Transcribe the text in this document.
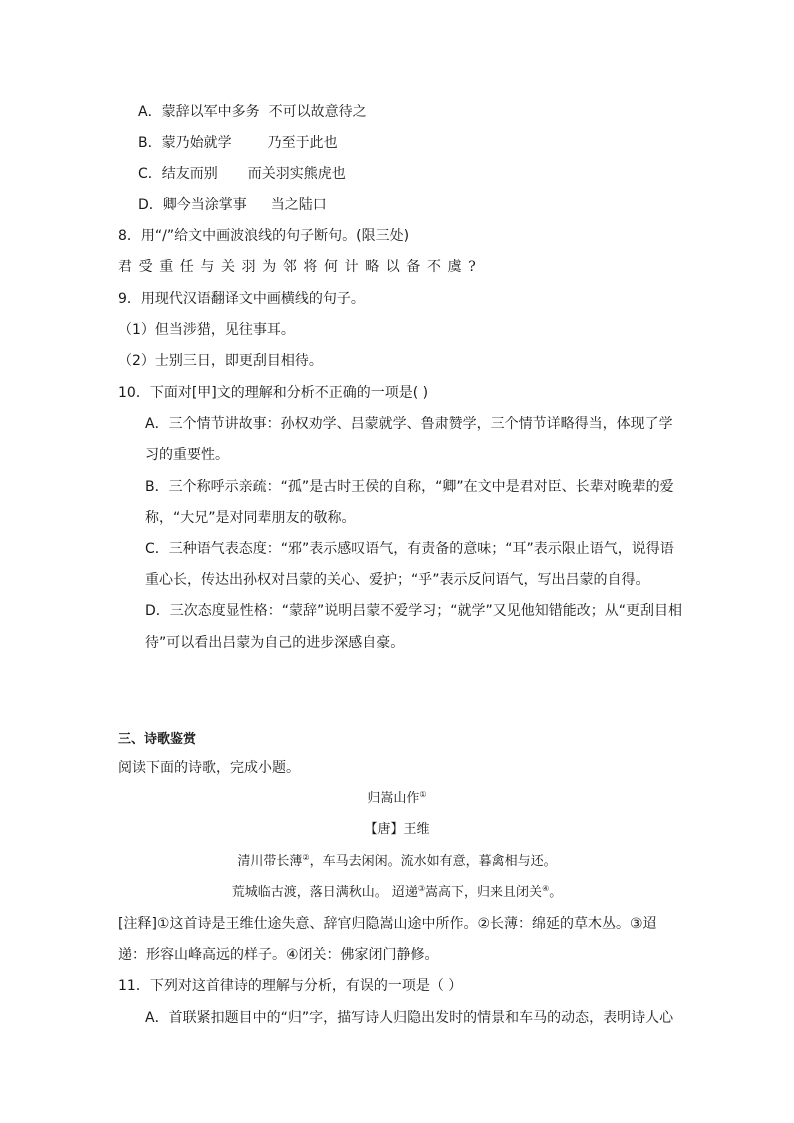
A．蒙辞以军中多务 不可以故意待之
B．蒙乃始就学	乃至于此也
C．结友而别 而关羽实熊虎也
D．卿今当涂掌事 当之陆口
8．用“/”给文中画波浪线的句子断句。(限三处)
君受重任与关羽为邻将何计略以备不虞?
9．用现代汉语翻译文中画横线的句子。
（1）但当涉猎，见往事耳。
（2）士别三日，即更刮目相待。
10．下面对[甲]文的理解和分析不正确的一项是( )
A．三个情节讲故事：孙权劝学、吕蒙就学、鲁肃赞学，三个情节详略得当，体现了学
习的重要性。
B．三个称呼示亲疏：“孤”是古时王侯的自称，“卿”在文中是君对臣、长辈对晚辈的爱
称，“大兄”是对同辈朋友的敬称。
C．三种语气表态度：“邪”表示感叹语气，有责备的意味；“耳”表示限止语气，说得语
重心长，传达出孙权对吕蒙的关心、爱护；“乎”表示反问语气，写出吕蒙的自得。
D．三次态度显性格：“蒙辞”说明吕蒙不爱学习；“就学”又见他知错能改；从“更刮目相
待”可以看出吕蒙为自己的进步深感自豪。
三、诗歌鉴赏
阅读下面的诗歌，完成小题。
归嵩山作①
【唐】王维
清川带长薄②，车马去闲闲。流水如有意，暮禽相与还。
荒城临古渡，落日满秋山。 迢递③嵩高下，归来且闭关④。
[注释]①这首诗是王维仕途失意、辞官归隐嵩山途中所作。②长薄：绵延的草木丛。③迢
递：形容山峰高远的样子。④闭关：佛家闭门静修。
11．下列对这首律诗的理解与分析，有误的一项是（ ）
A．首联紧扣题目中的“归”字，描写诗人归隐出发时的情景和车马的动态，表明诗人心
